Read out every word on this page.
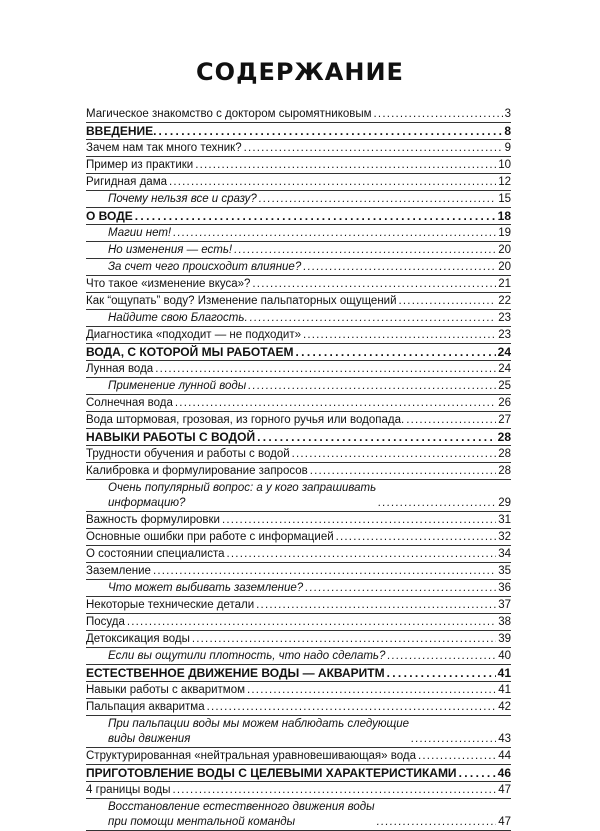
СОДЕРЖАНИЕ
Магическое знакомство с доктором сыромятниковым . . .	3
ВВЕДЕНИЕ. . . .	8
Зачем нам так много техник? . . .	9
Пример из практики . . .	10
Ригидная дама . . .	12
Почему нельзя все и сразу? . . .	15
О ВОДЕ . . .	18
Магии нет! . . .	19
Но изменения — есть! . . .	20
За счет чего происходит влияние? . . .	20
Что такое «изменение вкуса»? . . .	21
Как “ощупать” воду? Изменение пальпаторных ощущений . . .	22
Найдите свою Благость. . . .	23
Диагностика «подходит — не подходит» . . .	23
ВОДА, С КОТОРОЙ МЫ РАБОТАЕМ . . .	24
Лунная вода . . .	24
Применение лунной воды . . .	25
Солнечная вода . . .	26
Вода штормовая, грозовая, из горного ручья или водопада. . . .	27
НАВЫКИ РАБОТЫ С ВОДОЙ . . .	28
Трудности обучения и работы с водой . . .	28
Калибровка и формулирование запросов . . .	28
Очень популярный вопрос: а у кого запрашивать
информацию? . . .	29
Важность формулировки . . .	31
Основные ошибки при работе с информацией . . .	32
О состоянии специалиста . . .	34
Заземление . . .	35
Что может выбивать заземление? . . .	36
Некоторые технические детали . . .	37
Посуда . . .	38
Детоксикация воды . . .	39
Если вы ощутили плотность, что надо сделать? . . .	40
ЕСТЕСТВЕННОЕ ДВИЖЕНИЕ ВОДЫ — АКВАРИТМ . . .	41
Навыки работы с акваритмом . . .	41
Пальпация акваритма . . .	42
При пальпации воды мы можем наблюдать следующие
виды движения . . .	43
Структурированная «нейтральная уравновешивающая» вода . . .	44
ПРИГОТОВЛЕНИЕ ВОДЫ С ЦЕЛЕВЫМИ ХАРАКТЕРИСТИКАМИ . . .	46
4 границы воды . . .	47
Восстановление естественного движения воды
при помощи ментальной команды . . .	47
